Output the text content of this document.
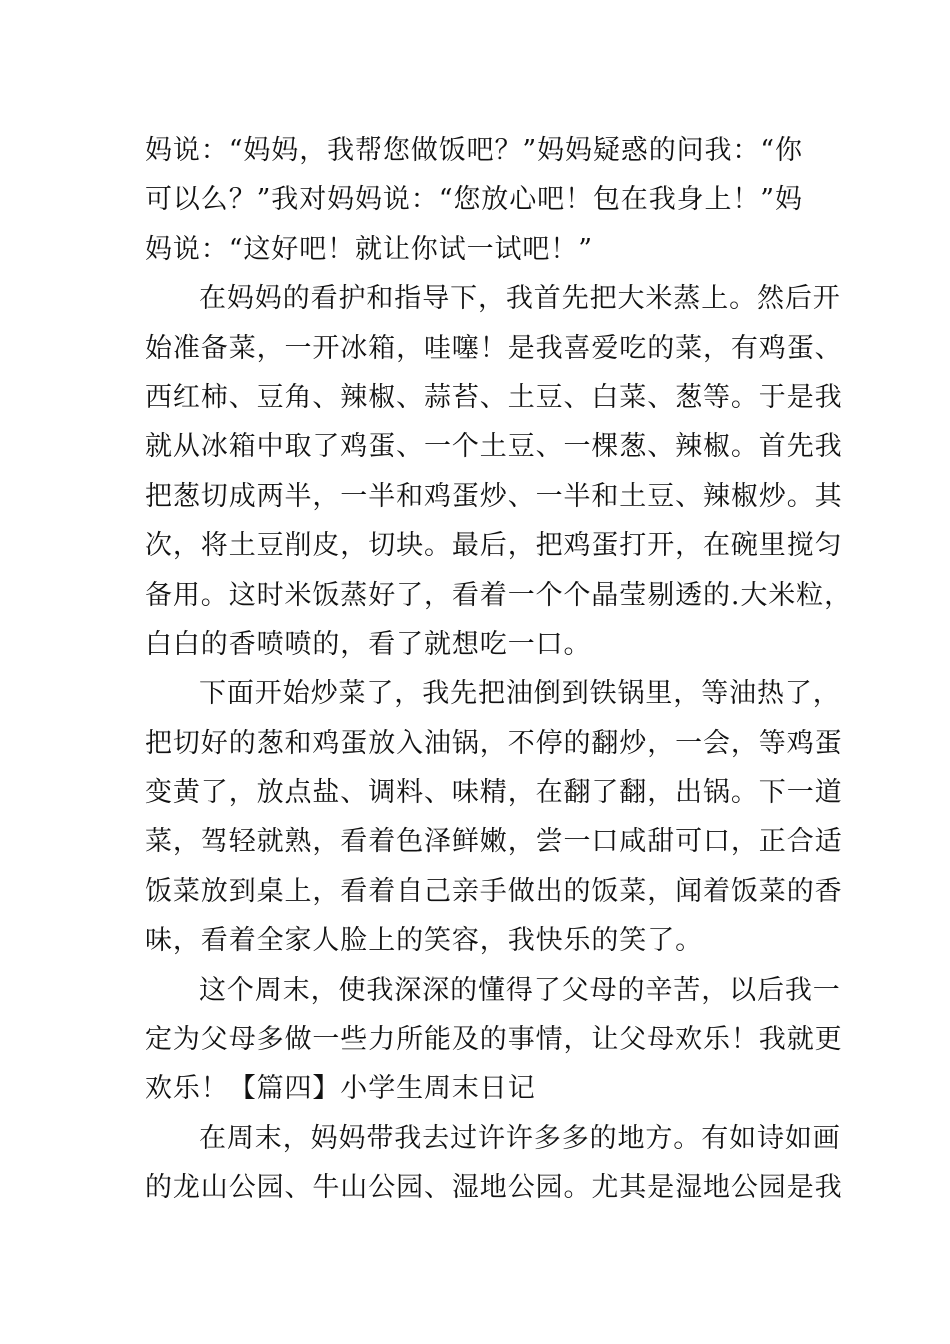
妈说：“妈妈，我帮您做饭吧？”妈妈疑惑的问我：“你
可以么？”我对妈妈说：“您放心吧！包在我身上！”妈
妈说：“这好吧！就让你试一试吧！”
在妈妈的看护和指导下，我首先把大米蒸上。然后开
始准备菜，一开冰箱，哇噻！是我喜爱吃的菜，有鸡蛋、
西红柿、豆角、辣椒、蒜苔、土豆、白菜、葱等。于是我
就从冰箱中取了鸡蛋、一个土豆、一棵葱、辣椒。首先我
把葱切成两半，一半和鸡蛋炒、一半和土豆、辣椒炒。其
次，将土豆削皮，切块。最后，把鸡蛋打开，在碗里搅匀
备用。这时米饭蒸好了，看着一个个晶莹剔透的.大米粒，
白白的香喷喷的，看了就想吃一口。
下面开始炒菜了，我先把油倒到铁锅里，等油热了，
把切好的葱和鸡蛋放入油锅，不停的翻炒，一会，等鸡蛋
变黄了，放点盐、调料、味精，在翻了翻，出锅。下一道
菜，驾轻就熟，看着色泽鲜嫩，尝一口咸甜可口，正合适
饭菜放到桌上，看着自己亲手做出的饭菜，闻着饭菜的香
味，看着全家人脸上的笑容，我快乐的笑了。
这个周末，使我深深的懂得了父母的辛苦，以后我一
定为父母多做一些力所能及的事情，让父母欢乐！我就更
欢乐！【篇四】小学生周末日记
在周末，妈妈带我去过许许多多的地方。有如诗如画
的龙山公园、牛山公园、湿地公园。尤其是湿地公园是我
